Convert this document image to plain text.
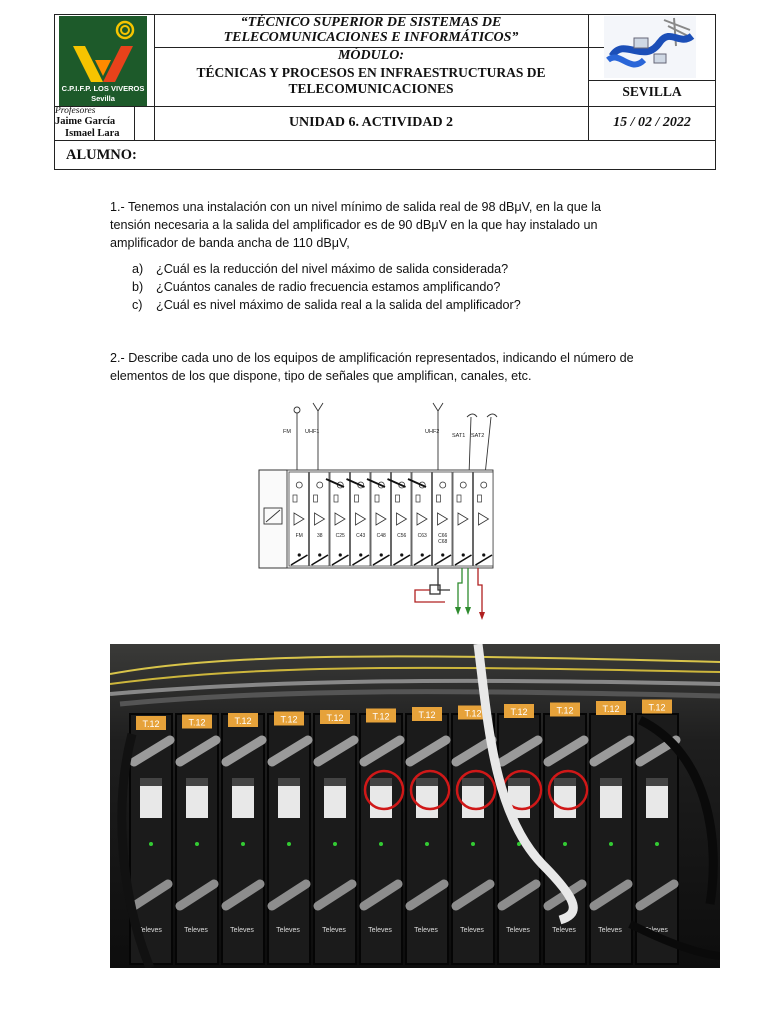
C.P.I.F.P. LOS VIVEROS
Sevilla
“TÉCNICO SUPERIOR DE SISTEMAS DE
TELECOMUNICACIONES E INFORMÁTICOS”
MÓDULO:
TÉCNICAS Y PROCESOS EN INFRAESTRUCTURAS DE
TELECOMUNICACIONES	SEVILLA
Profesores
Jaime García
Ismael Lara
UNIDAD 6. ACTIVIDAD 2	15 / 02 / 2022
ALUMNO:
1.- Tenemos una instalación con un nivel mínimo de salida real de 98 dBμV, en la que la
tensión necesaria a la salida del amplificador es de 90 dBμV en la que hay instalado un
amplificador de banda ancha de 110 dBμV,
a) ¿Cuál es la reducción del nivel máximo de salida considerada?
b) ¿Cuántos canales de radio frecuencia estamos amplificando?
c) ¿Cuál es nivel máximo de salida real a la salida del amplificador?
2.- Describe cada uno de los equipos de amplificación representados, indicando el número de
elementos de los que dispone, tipo de señales que amplifican, canales, etc.
FM	38	C25 C43 C48 C56 C63 C66
C68
FM	UHF1	UHF2
SAT1 SAT2
T.12
Televes
T.12
Televes
T.12
Televes
T.12
Televes
T.12
Televes
T.12
Televes
T.12
Televes
T.12
Televes
T.12
Televes
T.12
Televes
T.12
Televes
T.12
Televes
